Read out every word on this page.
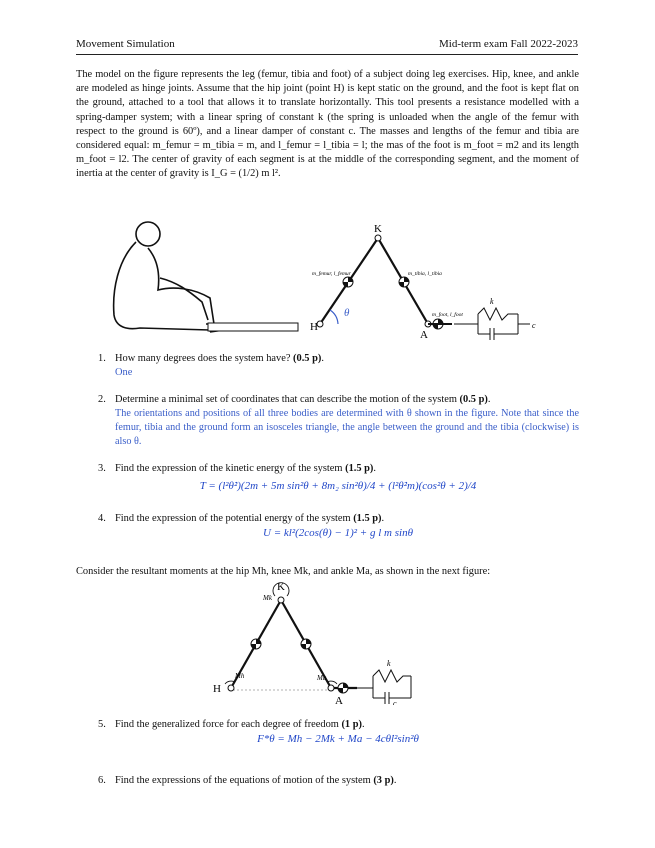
Movement Simulation	Mid-term exam Fall 2022-2023

The model on the figure represents the leg (femur, tibia and foot) of a subject doing leg exercises. Hip, knee, and ankle are modeled as hinge joints. Assume that the hip joint (point H) is kept static on the ground, and the foot is kept flat on the ground, attached to a tool that allows it to translate horizontally. This tool presents a resistance modelled with a spring-damper system; with a linear spring of constant k (the spring is unloaded when the angle of the femur with respect to the ground is 60º), and a linear damper of constant c. The masses and lengths of the femur and tibia are considered equal: m_femur = m_tibia = m, and l_femur = l_tibia = l; the mas of the foot is m_foot = m2 and its length m_foot = l2. The center of gravity of each segment is at the middle of the corresponding segment, and the moment of inertia at the center of gravity is I_G = (1/2) m l².

θ
K
H
A
k
c
m_femur, l_femur	m_tibia, l_tibia
m_foot, l_foot
1. How many degrees does the system have? (0.5 p).
One
2. Determine a minimal set of coordinates that can describe the motion of the system (0.5 p).
The orientations and positions of all three bodies are determined with θ shown in the figure. Note that since the femur, tibia and the ground form an isosceles triangle, the angle between the ground and the tibia (clockwise) is also θ.
3. Find the expression of the kinetic energy of the system (1.5 p).
T = (l²θ̇²)(2m + 5m sin²θ + 8m₂ sin²θ)/4 + (l²θ̇²m)(cos²θ + 2)/4
4. Find the expression of the potential energy of the system (1.5 p).
U = kl²(2cos(θ) − 1)² + g l m sinθ
Consider the resultant moments at the hip Mh, knee Mk, and ankle Ma, as shown in the next figure:
K
Mk
H
Mh
A
Ma
k
c
5. Find the generalized force for each degree of freedom (1 p).
F*θ = Mh − 2Mk + Ma − 4cθ̇l²sin²θ
6. Find the expressions of the equations of motion of the system (3 p).
